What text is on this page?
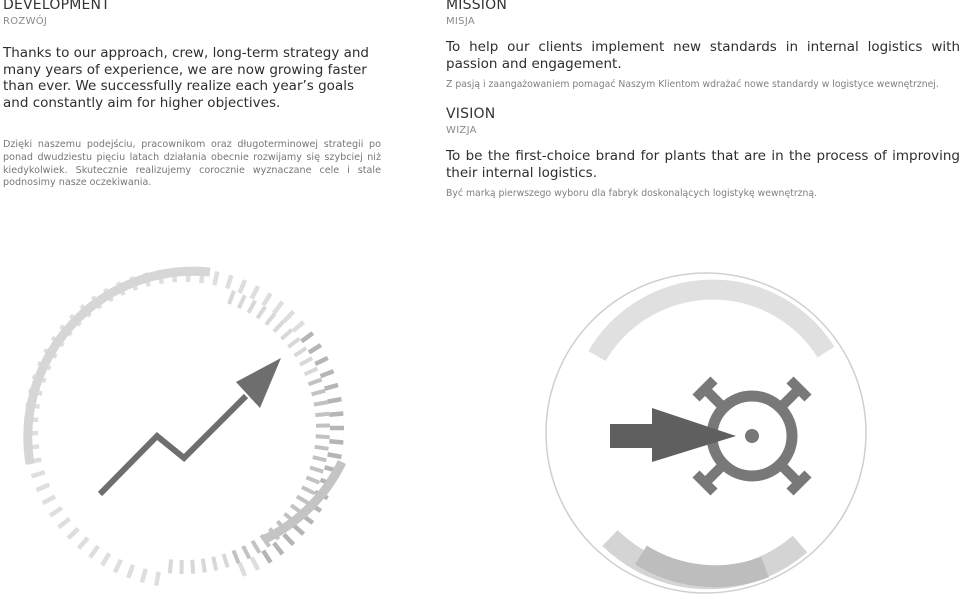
DEVELOPMENT
ROZWÓJ
Thanks to our approach, crew, long-term strategy and many years of experience, we are now growing faster than ever. We successfully realize each year’s goals and constantly aim for higher objectives.
Dzięki naszemu podejściu, pracownikom oraz długoterminowej strategii po ponad dwudziestu pięciu latach działania obecnie rozwijamy się szybciej niż kiedykolwiek. Skutecznie realizujemy corocznie wyznaczane cele i stale podnosimy nasze oczekiwania.
MISSION
MISJA
To help our clients implement new standards in internal logistics with passion and engagement.
Z pasją i zaangażowaniem pomagać Naszym Klientom wdrażać nowe standardy w logistyce wewnętrznej.
VISION
WIZJA
To be the first-choice brand for plants that are in the process of improving their internal logistics.
Być marką pierwszego wyboru dla fabryk doskonalących logistykę wewnętrzną.
